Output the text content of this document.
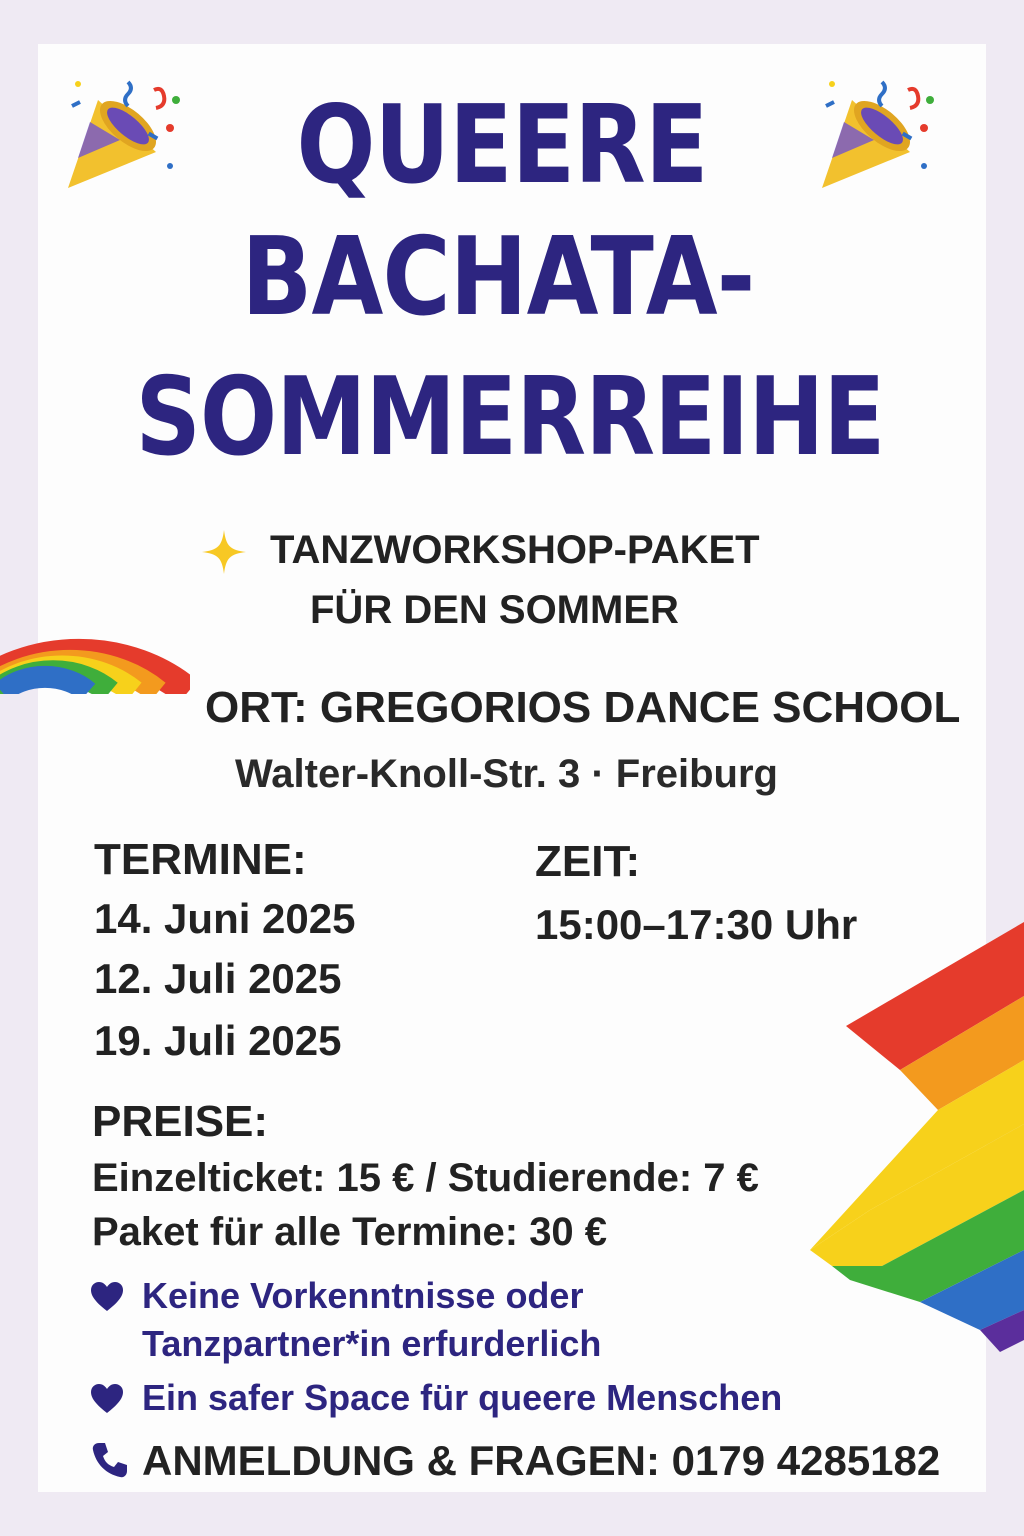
QUEERE
BACHATA-
SOMMERREIHE
TANZWORKSHOP-PAKET
FÜR DEN SOMMER
ORT: GREGORIOS DANCE SCHOOL
Walter-Knoll-Str. 3 · Freiburg
TERMINE:
14. Juni 2025
12. Juli 2025
19. Juli 2025
ZEIT:
15:00–17:30 Uhr
PREISE:
Einzelticket: 15 € / Studierende: 7 €
Paket für alle Termine: 30 €
Keine Vorkenntnisse oder
Tanzpartner*in erfurderlich
Ein safer Space für queere Menschen
ANMELDUNG & FRAGEN: 0179 4285182
